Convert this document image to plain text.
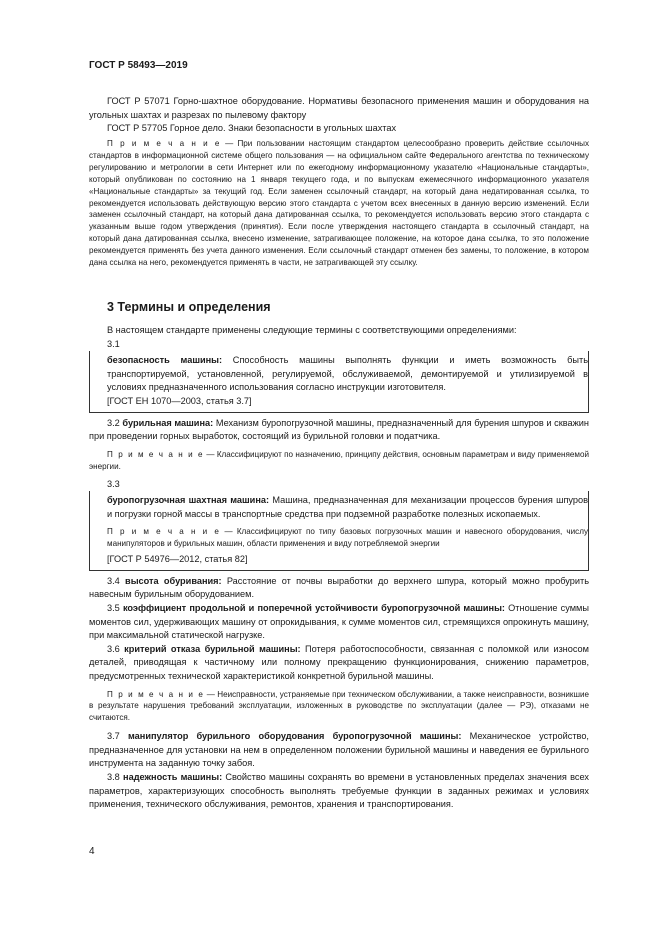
ГОСТ Р 58493—2019

ГОСТ Р 57071 Горно-шахтное оборудование. Нормативы безопасного применения машин и оборудования на угольных шахтах и разрезах по пылевому фактору

ГОСТ Р 57705 Горное дело. Знаки безопасности в угольных шахтах

П р и м е ч а н и е — При пользовании настоящим стандартом целесообразно проверить действие ссылочных стандартов в информационной системе общего пользования — на официальном сайте Федерального агентства по техническому регулированию и метрологии в сети Интернет или по ежегодному информационному указателю «Национальные стандарты», который опубликован по состоянию на 1 января текущего года, и по выпускам ежемесячного информационного указателя «Национальные стандарты» за текущий год. Если заменен ссылочный стандарт, на который дана недатированная ссылка, то рекомендуется использовать действующую версию этого стандарта с учетом всех внесенных в данную версию изменений. Если заменен ссылочный стандарт, на который дана датированная ссылка, то рекомендуется использовать версию этого стандарта с указанным выше годом утверждения (принятия). Если после утверждения настоящего стандарта в ссылочный стандарт, на который дана датированная ссылка, внесено изменение, затрагивающее положение, на которое дана ссылка, то это положение рекомендуется применять без учета данного изменения. Если ссылочный стандарт отменен без замены, то положение, в котором дана ссылка на него, рекомендуется применять в части, не затрагивающей эту ссылку.

3 Термины и определения

В настоящем стандарте применены следующие термины с соответствующими определениями:

3.1

безопасность машины: Способность машины выполнять функции и иметь возможность быть транспортируемой, установленной, регулируемой, обслуживаемой, демонтируемой и утилизируемой в условиях предназначенного использования согласно инструкции изготовителя.

[ГОСТ ЕН 1070—2003, статья 3.7]

3.2 бурильная машина: Механизм буропогрузочной машины, предназначенный для бурения шпуров и скважин при проведении горных выработок, состоящий из бурильной головки и податчика.

П р и м е ч а н и е — Классифицируют по назначению, принципу действия, основным параметрам и виду применяемой энергии.

3.3

буропогрузочная шахтная машина: Машина, предназначенная для механизации процессов бурения шпуров и погрузки горной массы в транспортные средства при подземной разработке полезных ископаемых.

П р и м е ч а н и е — Классифицируют по типу базовых погрузочных машин и навесного оборудования, числу манипуляторов и бурильных машин, области применения и виду потребляемой энергии

[ГОСТ Р 54976—2012, статья 82]

3.4 высота обуривания: Расстояние от почвы выработки до верхнего шпура, который можно пробурить навесным бурильным оборудованием.

3.5 коэффициент продольной и поперечной устойчивости буропогрузочной машины: Отношение суммы моментов сил, удерживающих машину от опрокидывания, к сумме моментов сил, стремящихся опрокинуть машину, при максимальной статической нагрузке.

3.6 критерий отказа бурильной машины: Потеря работоспособности, связанная с поломкой или износом деталей, приводящая к частичному или полному прекращению функционирования, снижению параметров, предусмотренных технической характеристикой конкретной бурильной машины.

П р и м е ч а н и е — Неисправности, устраняемые при техническом обслуживании, а также неисправности, возникшие в результате нарушения требований эксплуатации, изложенных в руководстве по эксплуатации (далее — РЭ), отказами не считаются.

3.7 манипулятор бурильного оборудования буропогрузочной машины: Механическое устройство, предназначенное для установки на нем в определенном положении бурильной машины и наведения ее бурильного инструмента на заданную точку забоя.

3.8 надежность машины: Свойство машины сохранять во времени в установленных пределах значения всех параметров, характеризующих способность выполнять требуемые функции в заданных режимах и условиях применения, технического обслуживания, ремонтов, хранения и транспортирования.

4
